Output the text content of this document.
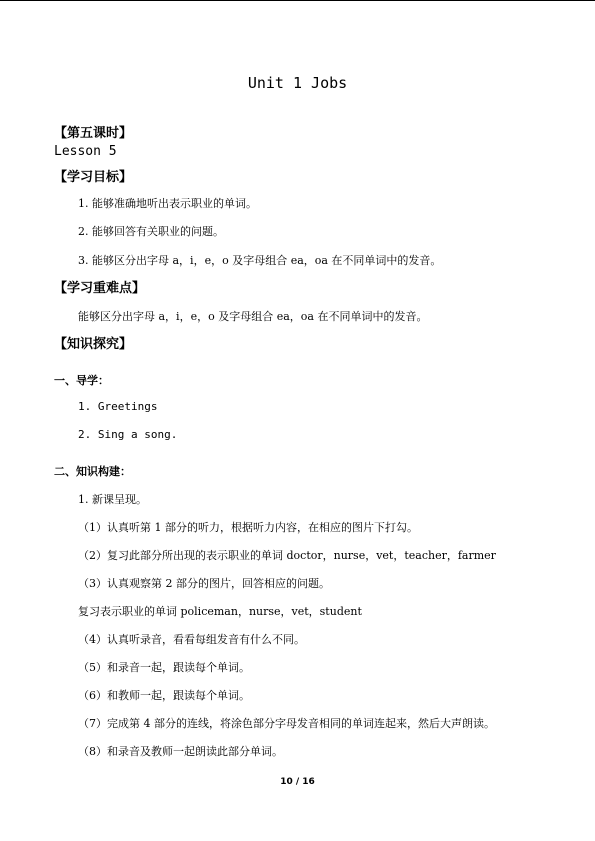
Unit 1 Jobs
【第五课时】
Lesson 5
【学习目标】
1. 能够准确地听出表示职业的单词。
2. 能够回答有关职业的问题。
3. 能够区分出字母 a，i，e，o 及字母组合 ea，oa 在不同单词中的发音。
【学习重难点】
能够区分出字母 a，i，e，o 及字母组合 ea，oa 在不同单词中的发音。
【知识探究】
一、导学：
1. Greetings
2. Sing a song.
二、知识构建：
1. 新课呈现。
（1）认真听第 1 部分的听力，根据听力内容，在相应的图片下打勾。
（2）复习此部分所出现的表示职业的单词 doctor，nurse，vet，teacher，farmer
（3）认真观察第 2 部分的图片，回答相应的问题。
复习表示职业的单词 policeman，nurse，vet，student
（4）认真听录音，看看每组发音有什么不同。
（5）和录音一起，跟读每个单词。
（6）和教师一起，跟读每个单词。
（7）完成第 4 部分的连线，将涂色部分字母发音相同的单词连起来，然后大声朗读。
（8）和录音及教师一起朗读此部分单词。
10 / 16
